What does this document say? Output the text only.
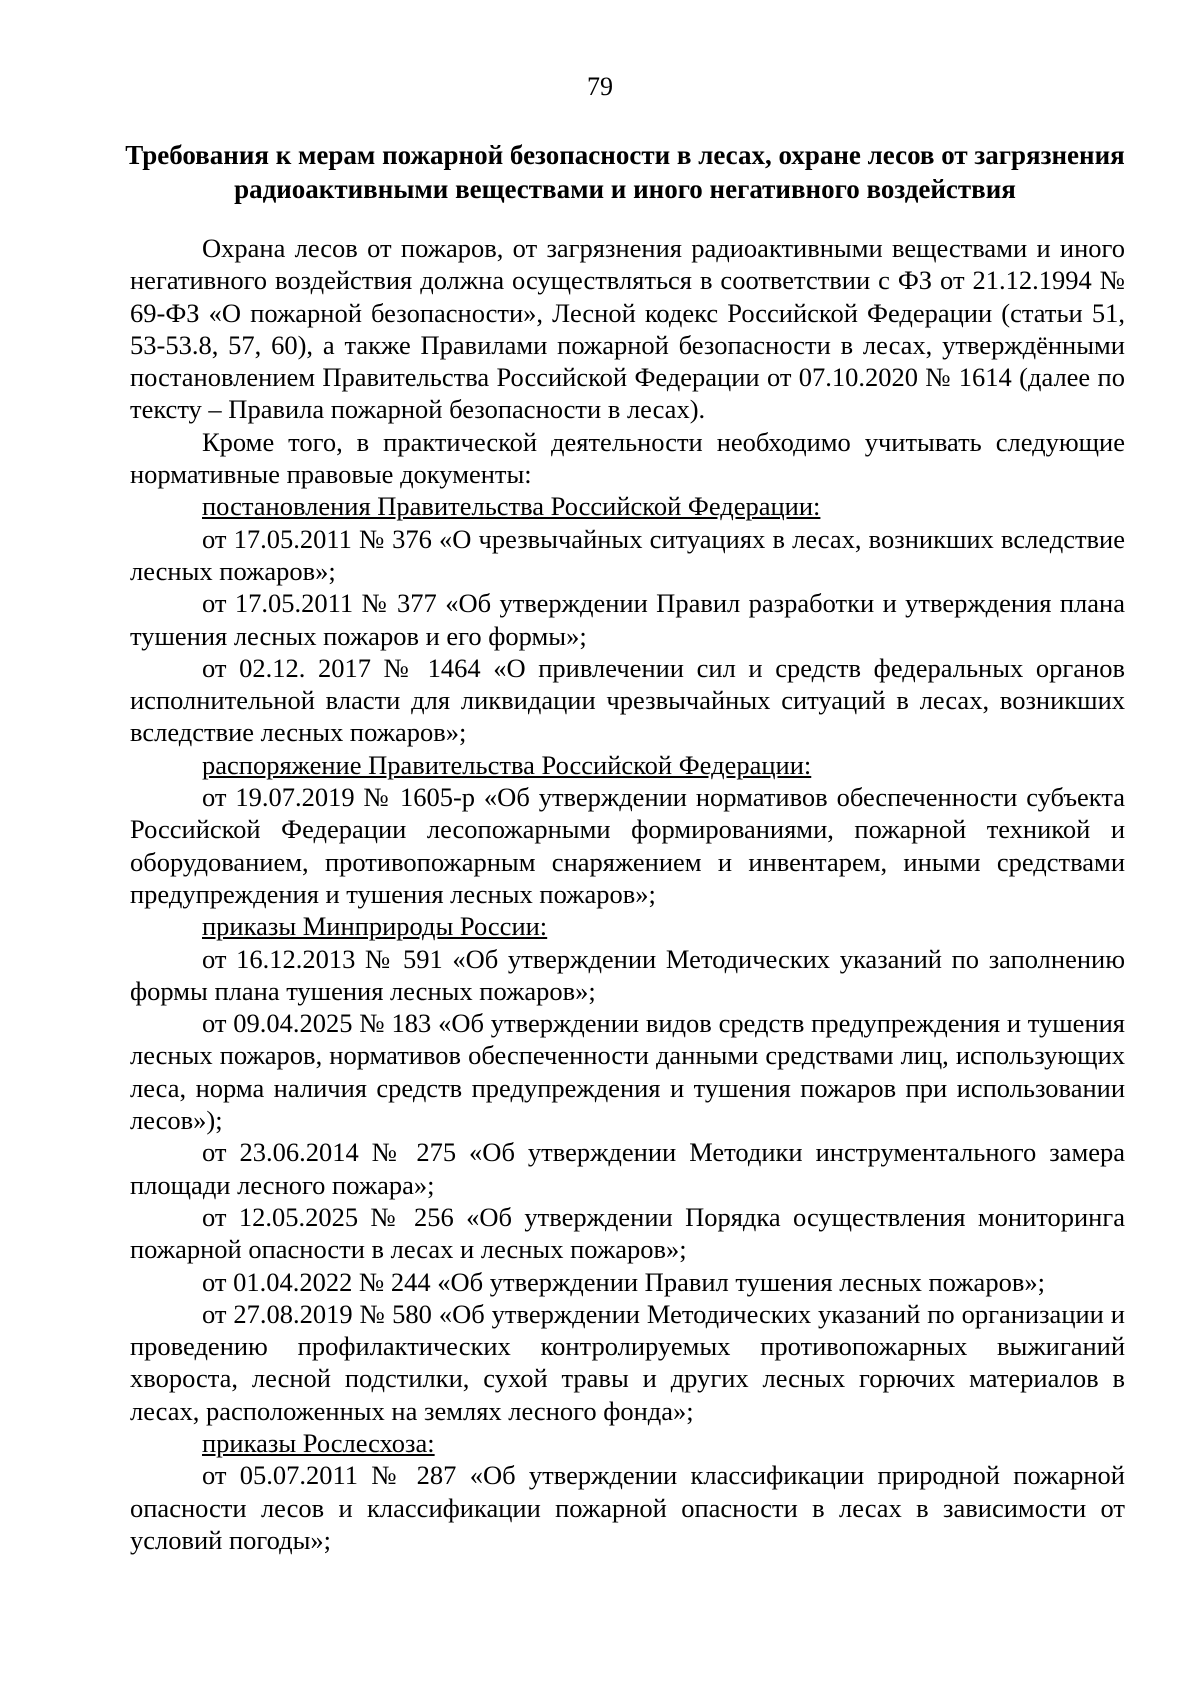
79
Требования к мерам пожарной безопасности в лесах, охране лесов от загрязнения радиоактивными веществами и иного негативного воздействия

Охрана лесов от пожаров, от загрязнения радиоактивными веществами и иного негативного воздействия должна осуществляться в соответствии с ФЗ от 21.12.1994 № 69-ФЗ «О пожарной безопасности», Лесной кодекс Российской Федерации (статьи 51, 53-53.8, 57, 60), а также Правилами пожарной безопасности в лесах, утверждёнными постановлением Правительства Российской Федерации от 07.10.2020 № 1614 (далее по тексту – Правила пожарной безопасности в лесах).

Кроме того, в практической деятельности необходимо учитывать следующие нормативные правовые документы:

постановления Правительства Российской Федерации:

от 17.05.2011 № 376 «О чрезвычайных ситуациях в лесах, возникших вследствие лесных пожаров»;

от 17.05.2011 № 377 «Об утверждении Правил разработки и утверждения плана тушения лесных пожаров и его формы»;

от 02.12. 2017 № 1464 «О привлечении сил и средств федеральных органов исполнительной власти для ликвидации чрезвычайных ситуаций в лесах, возникших вследствие лесных пожаров»;

распоряжение Правительства Российской Федерации:

от 19.07.2019 № 1605-р «Об утверждении нормативов обеспеченности субъекта Российской Федерации лесопожарными формированиями, пожарной техникой и оборудованием, противопожарным снаряжением и инвентарем, иными средствами предупреждения и тушения лесных пожаров»;

приказы Минприроды России:

от 16.12.2013 № 591 «Об утверждении Методических указаний по заполнению формы плана тушения лесных пожаров»;

от 09.04.2025 № 183 «Об утверждении видов средств предупреждения и тушения лесных пожаров, нормативов обеспеченности данными средствами лиц, использующих леса, норма наличия средств предупреждения и тушения пожаров при использовании лесов»);

от 23.06.2014 № 275 «Об утверждении Методики инструментального замера площади лесного пожара»;

от 12.05.2025 № 256 «Об утверждении Порядка осуществления мониторинга пожарной опасности в лесах и лесных пожаров»;

от 01.04.2022 № 244 «Об утверждении Правил тушения лесных пожаров»;

от 27.08.2019 № 580 «Об утверждении Методических указаний по организации и проведению профилактических контролируемых противопожарных выжиганий хвороста, лесной подстилки, сухой травы и других лесных горючих материалов в лесах, расположенных на землях лесного фонда»;

приказы Рослесхоза:

от 05.07.2011 № 287 «Об утверждении классификации природной пожарной опасности лесов и классификации пожарной опасности в лесах в зависимости от условий погоды»;
